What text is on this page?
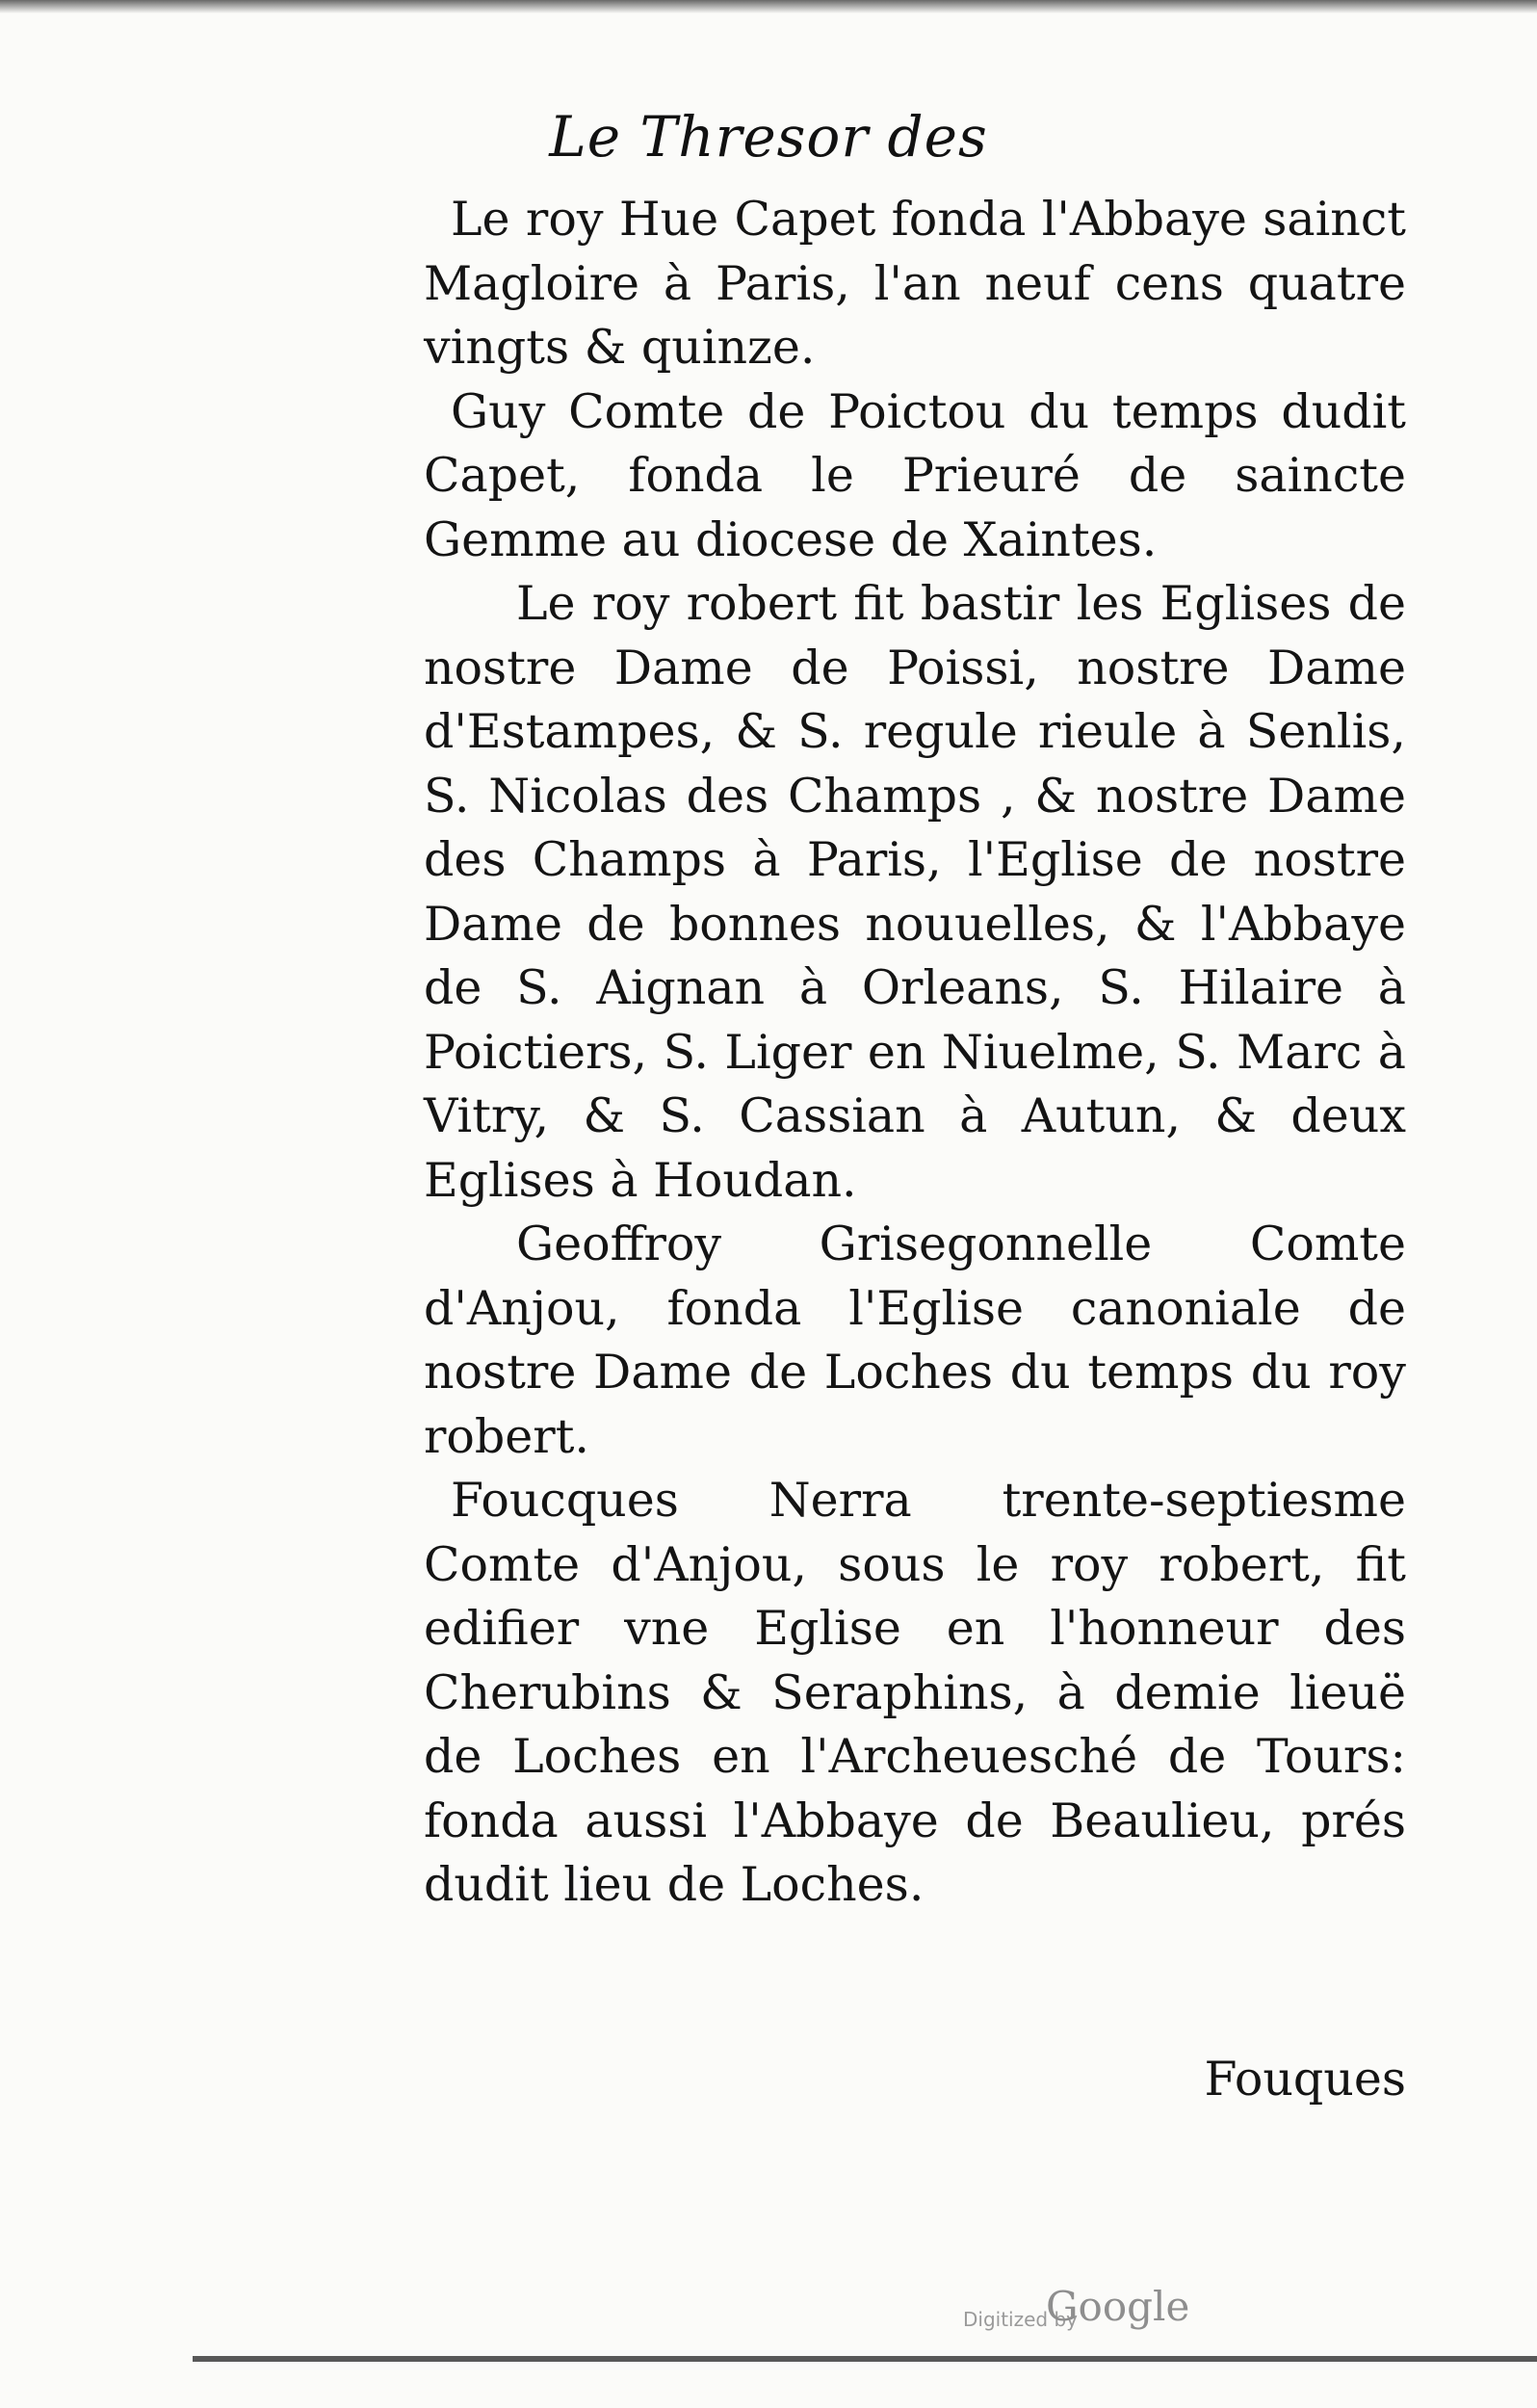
Le Thresor des

Le roy Hue Capet fonda l'Abbaye sainct Magloire à Paris, l'an neuf cens quatre vingts & quinze.

Guy Comte de Poictou du temps dudit Capet, fonda le Prieuré de saincte Gemme au diocese de Xaintes.

Le roy robert fit bastir les Eglises de nostre Dame de Poissi, nostre Dame d'Estampes, & S. regule rieule à Senlis, S. Nicolas des Champs , & nostre Dame des Champs à Paris, l'Eglise de nostre Dame de bonnes nouuelles, & l'Abbaye de S. Aignan à Orleans, S. Hilaire à Poictiers, S. Liger en Niuelme, S. Marc à Vitry, & S. Cassian à Autun, & deux Eglises à Houdan.

Geoffroy Grisegonnelle Comte d'Anjou, fonda l'Eglise canoniale de nostre Dame de Loches du temps du roy robert.

Foucques Nerra trente-septiesme Comte d'Anjou, sous le roy robert, fit edifier vne Eglise en l'honneur des Cherubins & Seraphins, à demie lieuë de Loches en l'Archeuesché de Tours: fonda aussi l'Abbaye de Beaulieu, prés dudit lieu de Loches.

Fouques
Digitized by
Google
